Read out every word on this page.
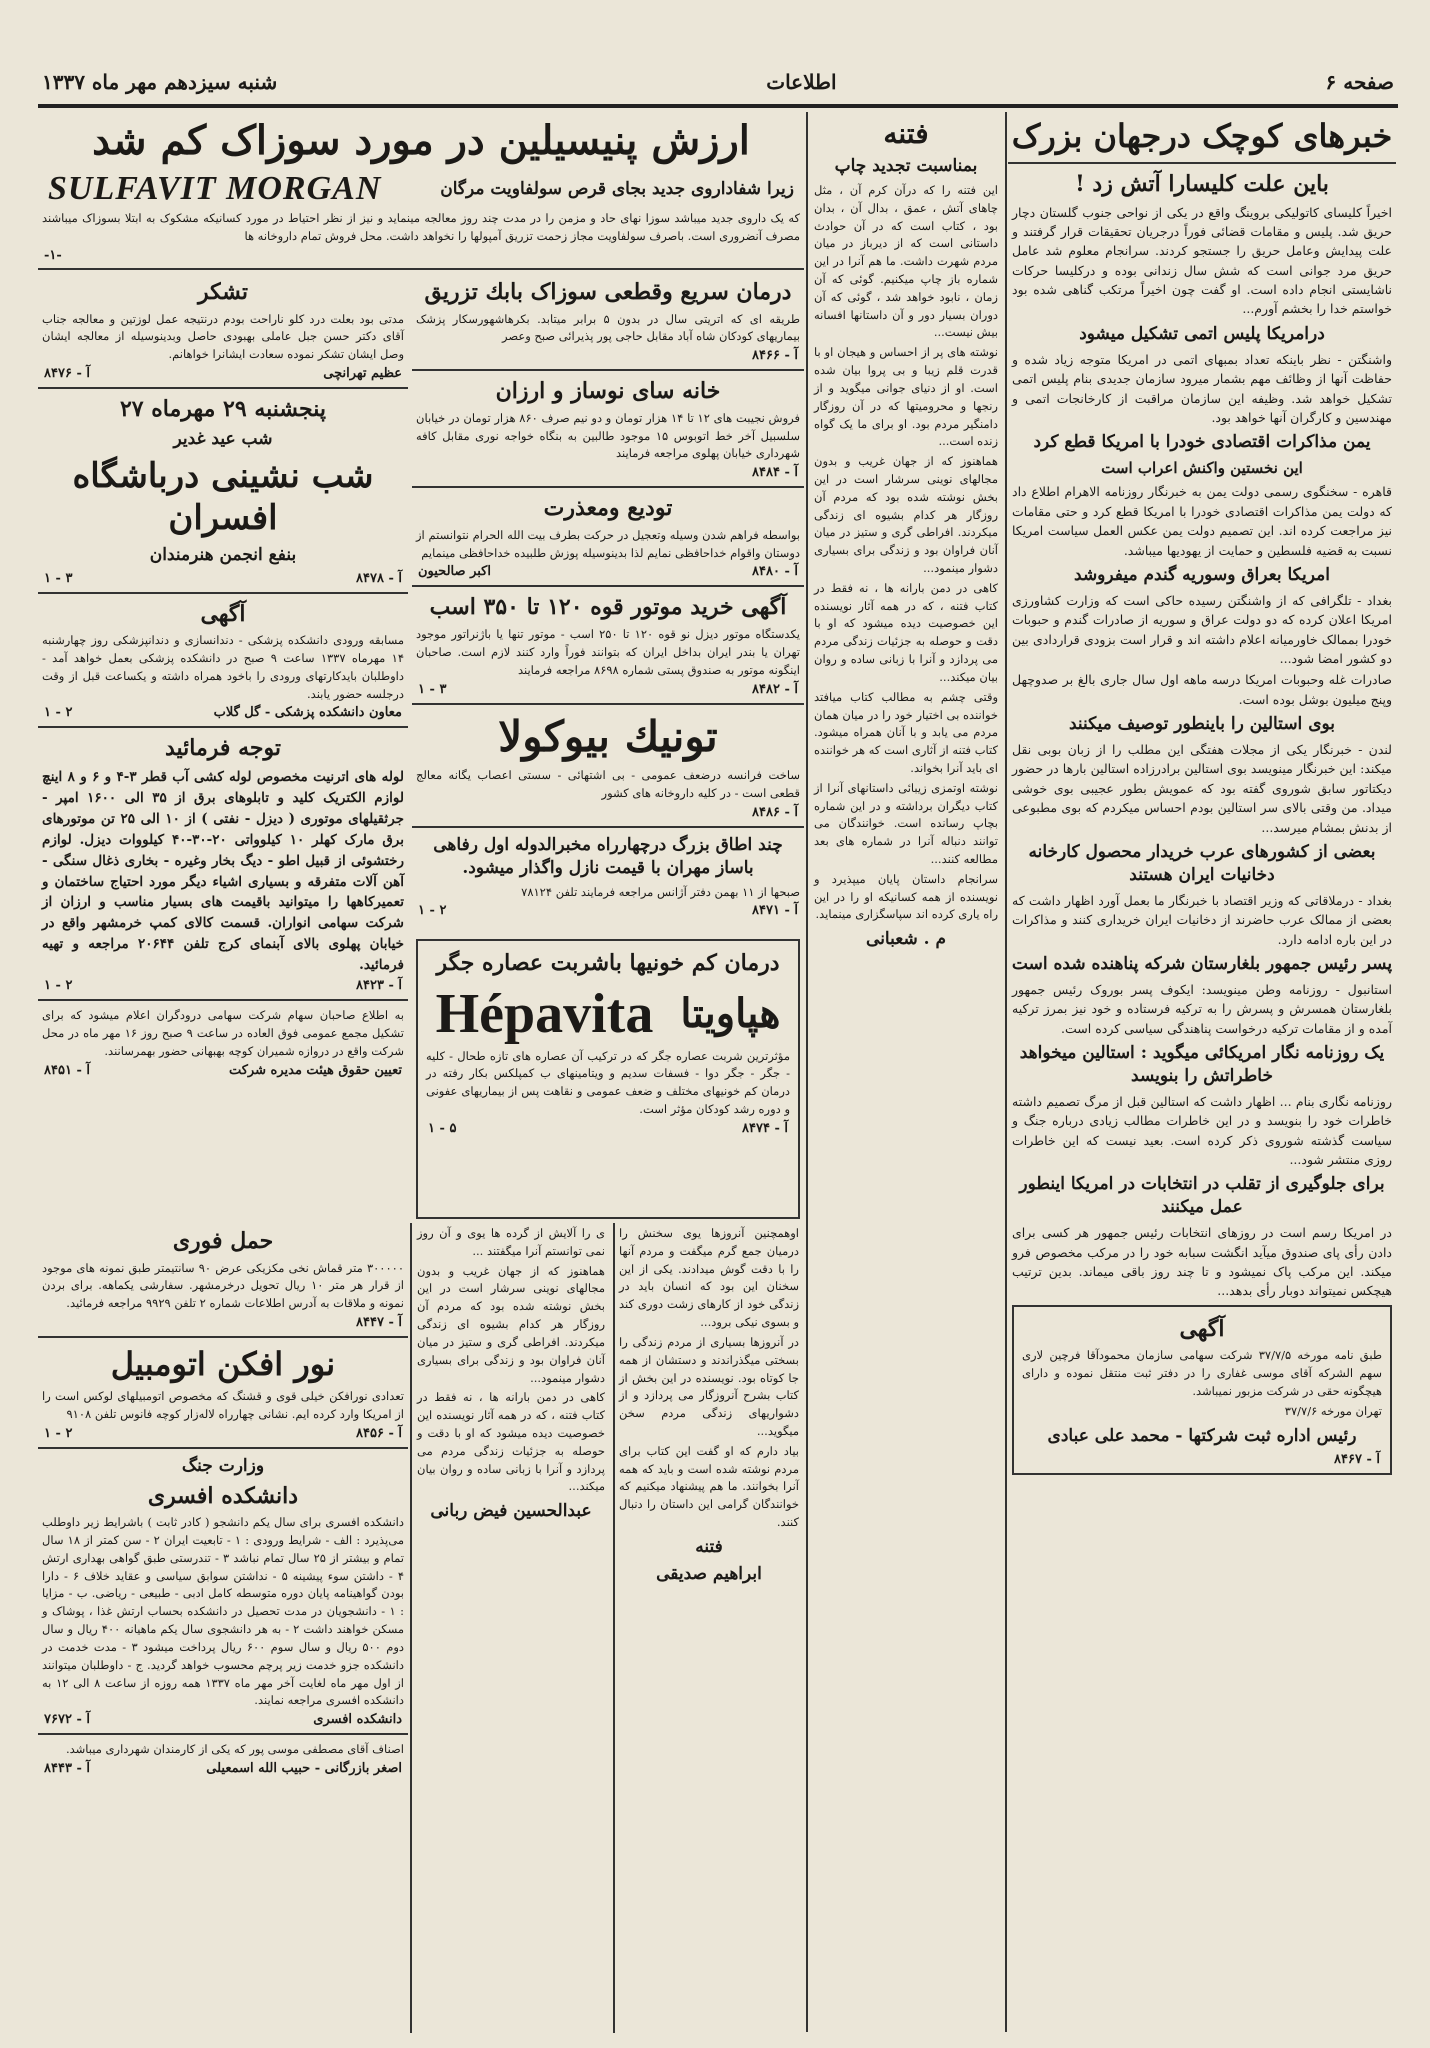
صفحه ۶
اطلاعات
شنبه سیزدهم مهر ماه ۱۳۳۷
خبرهای کوچک درجهان بزرک
باین علت کلیسارا آتش زد !
اخیراً کلیسای کاتولیکی بروینگ واقع در یکی از نواحی جنوب گلستان دچار حریق شد. پلیس و مقامات قضائی فوراً درجریان تحقیقات قرار گرفتند و علت پیدایش وعامل حریق را جستجو کردند. سرانجام معلوم شد عامل حریق مرد جوانی است که شش سال زندانی بوده و درکلیسا حرکات ناشایستی انجام داده است. او گفت چون اخیراً مرتکب گناهی شده بود خواستم خدا را بخشم آورم...
درامریکا پلیس اتمی تشکیل میشود
واشنگتن - نظر باینکه تعداد بمبهای اتمی در امریکا متوجه زیاد شده و حفاظت آنها از وظائف مهم بشمار میرود سازمان جدیدی بنام پلیس اتمی تشکیل خواهد شد. وظیفه این سازمان مراقبت از کارخانجات اتمی و مهندسین و کارگران آنها خواهد بود.
یمن مذاکرات اقتصادی خودرا با امریکا قطع کرد
این نخستین واکنش اعراب است
قاهره - سخنگوی رسمی دولت یمن به خبرنگار روزنامه الاهرام اطلاع داد که دولت یمن مذاکرات اقتصادی خودرا با امریکا قطع کرد و حتی مقامات نیز مراجعت کرده اند. این تصمیم دولت یمن عکس العمل سیاست امریکا نسبت به قضیه فلسطین و حمایت از یهودیها میباشد.
امریکا بعراق وسوریه گندم میفروشد
بغداد - تلگرافی که از واشنگتن رسیده حاکی است که وزارت کشاورزی امریکا اعلان کرده که دو دولت عراق و سوریه از صادرات گندم و حبوبات خودرا بممالک خاورمیانه اعلام داشته اند و قرار است بزودی قراردادی بین دو کشور امضا شود...
صادرات غله وحبوبات امریکا درسه ماهه اول سال جاری بالغ بر صدوچهل وپنج میلیون بوشل بوده است.
بوی استالین را باینطور توصیف میکنند
لندن - خبرنگار یکی از مجلات هفتگی این مطلب را از زبان بوبی نقل میکند: این خبرنگار مینویسد بوی استالین برادرزاده استالین بارها در حضور دیکتاتور سابق شوروی گفته بود که عمویش بطور عجیبی بوی خوشی میداد. من وقتی بالای سر استالین بودم احساس میکردم که بوی مطبوعی از بدنش بمشام میرسد...
بعضی از کشورهای عرب خریدار محصول کارخانه دخانیات ایران هستند
بغداد - درملاقاتی که وزیر اقتصاد با خبرنگار ما بعمل آورد اظهار داشت که بعضی از ممالک عرب حاضرند از دخانیات ایران خریداری کنند و مذاکرات در این باره ادامه دارد.
پسر رئیس جمهور بلغارستان شرکه پناهنده شده است
استانبول - روزنامه وطن مینویسد: ایکوف پسر بوروک رئیس جمهور بلغارستان همسرش و پسرش را به ترکیه فرستاده و خود نیز بمرز ترکیه آمده و از مقامات ترکیه درخواست پناهندگی سیاسی کرده است.
یک روزنامه نگار امریکائی میگوید : استالین میخواهد خاطراتش را بنویسد
روزنامه نگاری بنام ... اظهار داشت که استالین قبل از مرگ تصمیم داشته خاطرات خود را بنویسد و در این خاطرات مطالب زیادی درباره جنگ و سیاست گذشته شوروی ذکر کرده است. بعید نیست که این خاطرات روزی منتشر شود...
برای جلوگیری از تقلب در انتخابات در امریکا اینطور عمل میکنند
در امریکا رسم است در روزهای انتخابات رئیس جمهور هر کسی برای دادن رأی پای صندوق میآید انگشت سبابه خود را در مرکب مخصوص فرو میکند. این مرکب پاک نمیشود و تا چند روز باقی میماند. بدین ترتیب هیچکس نمیتواند دوبار رأی بدهد...
آگهی
طبق نامه مورخه ۳۷/۷/۵ شرکت سهامی سازمان محمودآقا فرچین لاری سهم الشرکه آقای موسی غفاری را در دفتر ثبت منتقل نموده و دارای هیچگونه حقی در شرکت مزبور نمیباشد.
تهران مورخه ۳۷/۷/۶
رئیس اداره ثبت شرکتها - محمد علی عبادی
آ - ۸۴۶۷
فتنه
بمناسبت تجدید چاپ
این فتنه را که درآن کرم آن ، مثل چاهای آتش ، عمق ، بدال آن ، بدان بود ، کتاب است که در آن حوادث داستانی است که از دیرباز در میان مردم شهرت داشت. ما هم آنرا در این شماره باز چاپ میکنیم. گوئی که آن زمان ، نابود خواهد شد ، گوئی که آن دوران بسیار دور و آن داستانها افسانه بیش نیست...
نوشته های پر از احساس و هیجان او با قدرت قلم زیبا و بی پروا بیان شده است. او از دنیای جوانی میگوید و از رنجها و محرومیتها که در آن روزگار دامنگیر مردم بود. او برای ما یک گواه زنده است...
هماهنوز که از جهان غریب و بدون مجالهای نوینی سرشار است در این بخش نوشته شده بود که مردم آن روزگار هر کدام بشیوه ای زندگی میکردند. افراطی گری و ستیز در میان آنان فراوان بود و زندگی برای بسیاری دشوار مینمود...
کاهی در دمن بارانه ها ، نه فقط در کتاب فتنه ، که در همه آثار نویسنده این خصوصیت دیده میشود که او با دقت و حوصله به جزئیات زندگی مردم می پردازد و آنرا با زبانی ساده و روان بیان میکند...
وقتی چشم به مطالب کتاب میافتد خواننده بی اختیار خود را در میان همان مردم می یابد و با آنان همراه میشود. کتاب فتنه از آثاری است که هر خواننده ای باید آنرا بخواند.
نوشته اوتمزی زیبائی داستانهای آنرا از کتاب دیگران برداشته و در این شماره بچاپ رسانده است. خوانندگان می توانند دنباله آنرا در شماره های بعد مطالعه کنند...
سرانجام داستان پایان میپذیرد و نویسنده از همه کسانیکه او را در این راه یاری کرده اند سپاسگزاری مینماید.
م . شعبانی
ارزش پنیسیلین در مورد سوزاک کم شد
زیرا شفاداروی جدید بجای قرص سولفاویت مرگان
SULFAVIT MORGAN
که یک داروی جدید میباشد سوزا نهای حاد و مزمن را در مدت چند روز معالجه مینماید و نیز از نظر احتیاط در مورد کسانیکه مشکوک به ابتلا بسوزاک میباشند مصرف آنضروری است. باصرف سولفاویت مجاز زحمت تزریق آمپولها را نخواهد داشت. محل فروش تمام داروخانه ها
-۱-
تشکر
مدتی بود بعلت درد کلو ناراحت بودم درنتیجه عمل لوزتین و معالجه جناب آقای دکتر حسن جبل عاملی بهبودی حاصل وبدینوسیله از معالجه ایشان وصل ایشان تشکر نموده سعادت ایشانرا خواهانم.
عظیم تهرانچی
آ - ۸۴۷۶
پنجشنبه ۲۹ مهرماه ۲۷
شب عید غدیر
شب نشینی درباشگاه افسران
بنفع انجمن هنرمندان
آ - ۸۴۷۸
۳ - ۱
آگهی
مسابقه ورودی دانشکده پزشکی - دندانسازی و دندانپزشکی روز چهارشنبه ۱۴ مهرماه ۱۳۳۷ ساعت ۹ صبح در دانشکده پزشکی بعمل خواهد آمد - داوطلبان بایدکارتهای ورودی را باخود همراه داشته و یکساعت قبل از وقت درجلسه حضور یابند.
معاون دانشکده پزشکی - گل گلاب
۲ - ۱
توجه فرمائید
لوله های اترنیت مخصوص لوله کشی آب قطر ۳-۴ و ۶ و ۸ اینچ لوازم الکتریک کلید و تابلوهای برق از ۳۵ الی ۱۶۰۰ امپر - جرثقیلهای موتوری ( دیزل - نفتی ) از ۱۰ الی ۲۵ تن موتورهای برق مارک کهلر ۱۰ کیلوواتی ۲۰-۳۰-۴۰ کیلووات دیزل. لوازم رختشوئی از قبیل اطو - دیگ بخار وغیره - بخاری ذغال سنگی - آهن آلات متفرقه و بسیاری اشیاء دیگر مورد احتیاج ساختمان و تعمیرکاهها را میتوانید باقیمت های بسیار مناسب و ارزان از شرکت سهامی انواران. قسمت کالای کمپ خرمشهر واقع در خیابان پهلوی بالای آبنمای کرج تلفن ۲۰۶۴۴ مراجعه و تهیه فرمائید.
آ - ۸۴۲۳
۲ - ۱
به اطلاع صاحبان سهام شرکت سهامی درودگران اعلام میشود که برای تشکیل مجمع عمومی فوق العاده در ساعت ۹ صبح روز ۱۶ مهر ماه در محل شرکت واقع در دروازه شمیران کوچه بهبهانی حضور بهمرسانند.
تعیین حقوق هیئت مدیره شرکت
آ - ۸۴۵۱
حمل فوری
۳۰۰۰۰۰ متر قماش نخی مکزیکی عرض ۹۰ سانتیمتر طبق نمونه های موجود از قرار هر متر ۱۰ ریال تحویل درخرمشهر. سفارشی یکماهه. برای بردن نمونه و ملاقات به آدرس اطلاعات شماره ۲ تلفن ۹۹۲۹ مراجعه فرمائید.
آ - ۸۴۴۷
نور افکن اتومبیل
تعدادی نورافکن خیلی قوی و قشنگ که مخصوص اتومبیلهای لوکس است را از امریکا وارد کرده ایم. نشانی چهارراه لاله‌زار کوچه فانوس تلفن ۹۱۰۸
آ - ۸۴۵۶
۲ - ۱
وزارت جنگ
دانشکده افسری
دانشکده افسری برای سال یکم دانشجو ( کادر ثابت ) باشرایط زیر داوطلب می‌پذیرد : الف - شرایط ورودی : ۱ - تابعیت ایران ۲ - سن کمتر از ۱۸ سال تمام و بیشتر از ۲۵ سال تمام نباشد ۳ - تندرستی طبق گواهی بهداری ارتش ۴ - داشتن سوء پیشینه ۵ - نداشتن سوابق سیاسی و عقاید خلاف ۶ - دارا بودن گواهینامه پایان دوره متوسطه کامل ادبی - طبیعی - ریاضی. ب - مزایا : ۱ - دانشجویان در مدت تحصیل در دانشکده بحساب ارتش غذا ، پوشاک و مسکن خواهند داشت ۲ - به هر دانشجوی سال یکم ماهیانه ۴۰۰ ریال و سال دوم ۵۰۰ ریال و سال سوم ۶۰۰ ریال پرداخت میشود ۳ - مدت خدمت در دانشکده جزو خدمت زیر پرچم محسوب خواهد گردید. ج - داوطلبان میتوانند از اول مهر ماه لغایت آخر مهر ماه ۱۳۳۷ همه روزه از ساعت ۸ الی ۱۲ به دانشکده افسری مراجعه نمایند.
دانشکده افسری
آ - ۷۶۷۲
اصناف آقای مصطفی موسی پور که یکی از کارمندان شهرداری میباشد.
اصغر بازرگانی - حبیب الله اسمعیلی
آ - ۸۴۴۳
درمان سریع وقطعی سوزاک بابك تزریق
طریقه ای که اتریتی سال در بدون ۵ برابر میتابد. بکرهاشهورسکار پزشک بیماریهای کودکان شاه آباد مقابل حاجی پور پذیرائی صبح وعصر
آ - ۸۴۶۶
خانه سای نوساز و ارزان
فروش نجیبت های ۱۲ تا ۱۴ هزار تومان و دو نیم صرف ۸۶۰ هزار تومان در خیابان سلسبیل آخر خط اتوبوس ۱۵ موجود طالبین به بنگاه خواجه نوری مقابل کافه شهرداری خیابان پهلوی مراجعه فرمایند
آ - ۸۴۸۴
تودیع ومعذرت
بواسطه فراهم شدن وسیله وتعجیل در حرکت بطرف بیت الله الحرام نتوانستم از دوستان واقوام خداحافظی نمایم لذا بدینوسیله پوزش طلبیده خداحافظی مینمایم
آ - ۸۴۸۰
اکبر صالحیون
آگهی خرید موتور قوه ۱۲۰ تا ۳۵۰ اسب
یکدستگاه موتور دیزل نو قوه ۱۲۰ تا ۲۵۰ اسب - موتور تنها یا باژنراتور موجود تهران یا بندر ایران بداخل ایران که بتوانند فوراً وارد کنند لازم است. صاحبان اینگونه موتور به صندوق پستی شماره ۸۶۹۸ مراجعه فرمایند
آ - ۸۴۸۲
۳ - ۱
تونیك بیوکولا
ساخت فرانسه درضعف عمومی - بی اشتهائی - سستی اعصاب یگانه معالج قطعی است - در کلیه داروخانه های کشور
آ - ۸۴۸۶
چند اطاق بزرگ درچهارراه مخبرالدوله اول رفاهی باساز مهران با قیمت نازل واگذار میشود.
صبحها از ۱۱ بهمن دفتر آژانس مراجعه فرمایند تلفن ۷۸۱۲۴
آ - ۸۴۷۱
۲ - ۱
درمان کم خونیها باشربت عصاره جگر
هپاویتا
Hépavita
مؤثرترین شربت عصاره جگر که در ترکیب آن عصاره های تازه طحال - کلیه - جگر - جگر دوا - فسفات سدیم و ویتامینهای ب کمپلکس بکار رفته در درمان کم خونیهای مختلف و ضعف عمومی و نقاهت پس از بیماریهای عفونی و دوره رشد کودکان مؤثر است.
آ - ۸۴۷۴
۵ - ۱
اوهمچنین آنروزها یوی سخنش را درمیان جمع گرم میگفت و مردم آنها را با دقت گوش میدادند. یکی از این سخنان این بود که انسان باید در زندگی خود از کارهای زشت دوری کند و بسوی نیکی برود...
در آنروزها بسیاری از مردم زندگی را بسختی میگذراندند و دستشان از همه جا کوتاه بود. نویسنده در این بخش از کتاب بشرح آنروزگار می پردازد و از دشواریهای زندگی مردم سخن میگوید...
بیاد دارم که او گفت این کتاب برای مردم نوشته شده است و باید که همه آنرا بخوانند. ما هم پیشنهاد میکنیم که خوانندگان گرامی این داستان را دنبال کنند.
فتنه
ابراهیم صدیقی
ی را آلایش از گرده ها یوی و آن روز نمی توانستم آنرا میگفتند ...
هماهنوز که از جهان غریب و بدون مجالهای نوینی سرشار است در این بخش نوشته شده بود که مردم آن روزگار هر کدام بشیوه ای زندگی میکردند. افراطی گری و ستیز در میان آنان فراوان بود و زندگی برای بسیاری دشوار مینمود...
کاهی در دمن بارانه ها ، نه فقط در کتاب فتنه ، که در همه آثار نویسنده این خصوصیت دیده میشود که او با دقت و حوصله به جزئیات زندگی مردم می پردازد و آنرا با زبانی ساده و روان بیان میکند...
عبدالحسین فیض ربانی
